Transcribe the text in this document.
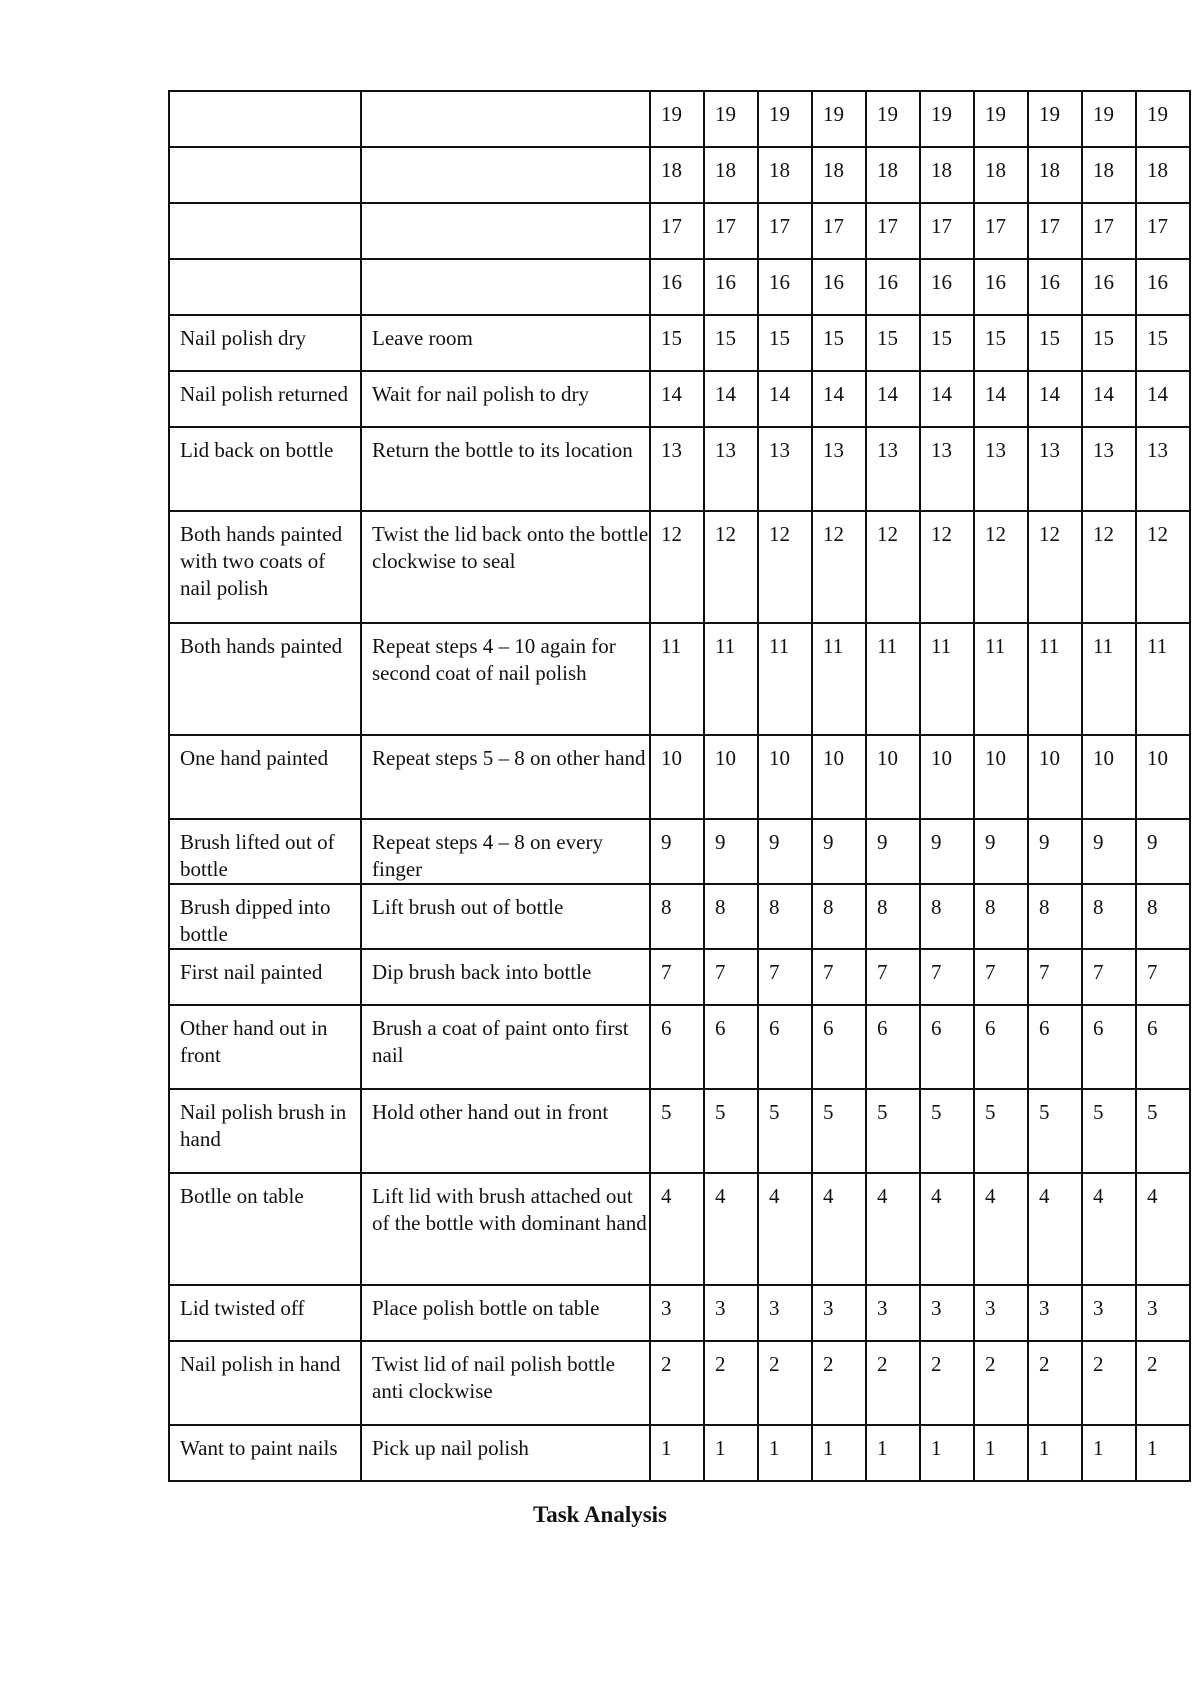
		19	19	19	19	19	19	19	19	19	19
		18	18	18	18	18	18	18	18	18	18
		17	17	17	17	17	17	17	17	17	17
		16	16	16	16	16	16	16	16	16	16
Nail polish dry	Leave room	15	15	15	15	15	15	15	15	15	15
Nail polish returned	Wait for nail polish to dry	14	14	14	14	14	14	14	14	14	14
Lid back on bottle	Return the bottle to its location	13	13	13	13	13	13	13	13	13	13
Both hands painted with two coats of nail polish	Twist the lid back onto the bottle clockwise to seal	12	12	12	12	12	12	12	12	12	12
Both hands painted	Repeat steps 4 – 10 again for second coat of nail polish	11	11	11	11	11	11	11	11	11	11
One hand painted	Repeat steps 5 – 8 on other hand	10	10	10	10	10	10	10	10	10	10
Brush lifted out of bottle	Repeat steps 4 – 8 on every finger	9	9	9	9	9	9	9	9	9	9
Brush dipped into bottle	Lift brush out of bottle	8	8	8	8	8	8	8	8	8	8
First nail painted	Dip brush back into bottle	7	7	7	7	7	7	7	7	7	7
Other hand out in front	Brush a coat of paint onto first nail	6	6	6	6	6	6	6	6	6	6
Nail polish brush in hand	Hold other hand out in front	5	5	5	5	5	5	5	5	5	5
Botlle on table	Lift lid with brush attached out of the bottle with dominant hand	4	4	4	4	4	4	4	4	4	4
Lid twisted off	Place polish bottle on table	3	3	3	3	3	3	3	3	3	3
Nail polish in hand	Twist lid of nail polish bottle anti clockwise	2	2	2	2	2	2	2	2	2	2
Want to paint nails	Pick up nail polish	1	1	1	1	1	1	1	1	1	1
Task Analysis
